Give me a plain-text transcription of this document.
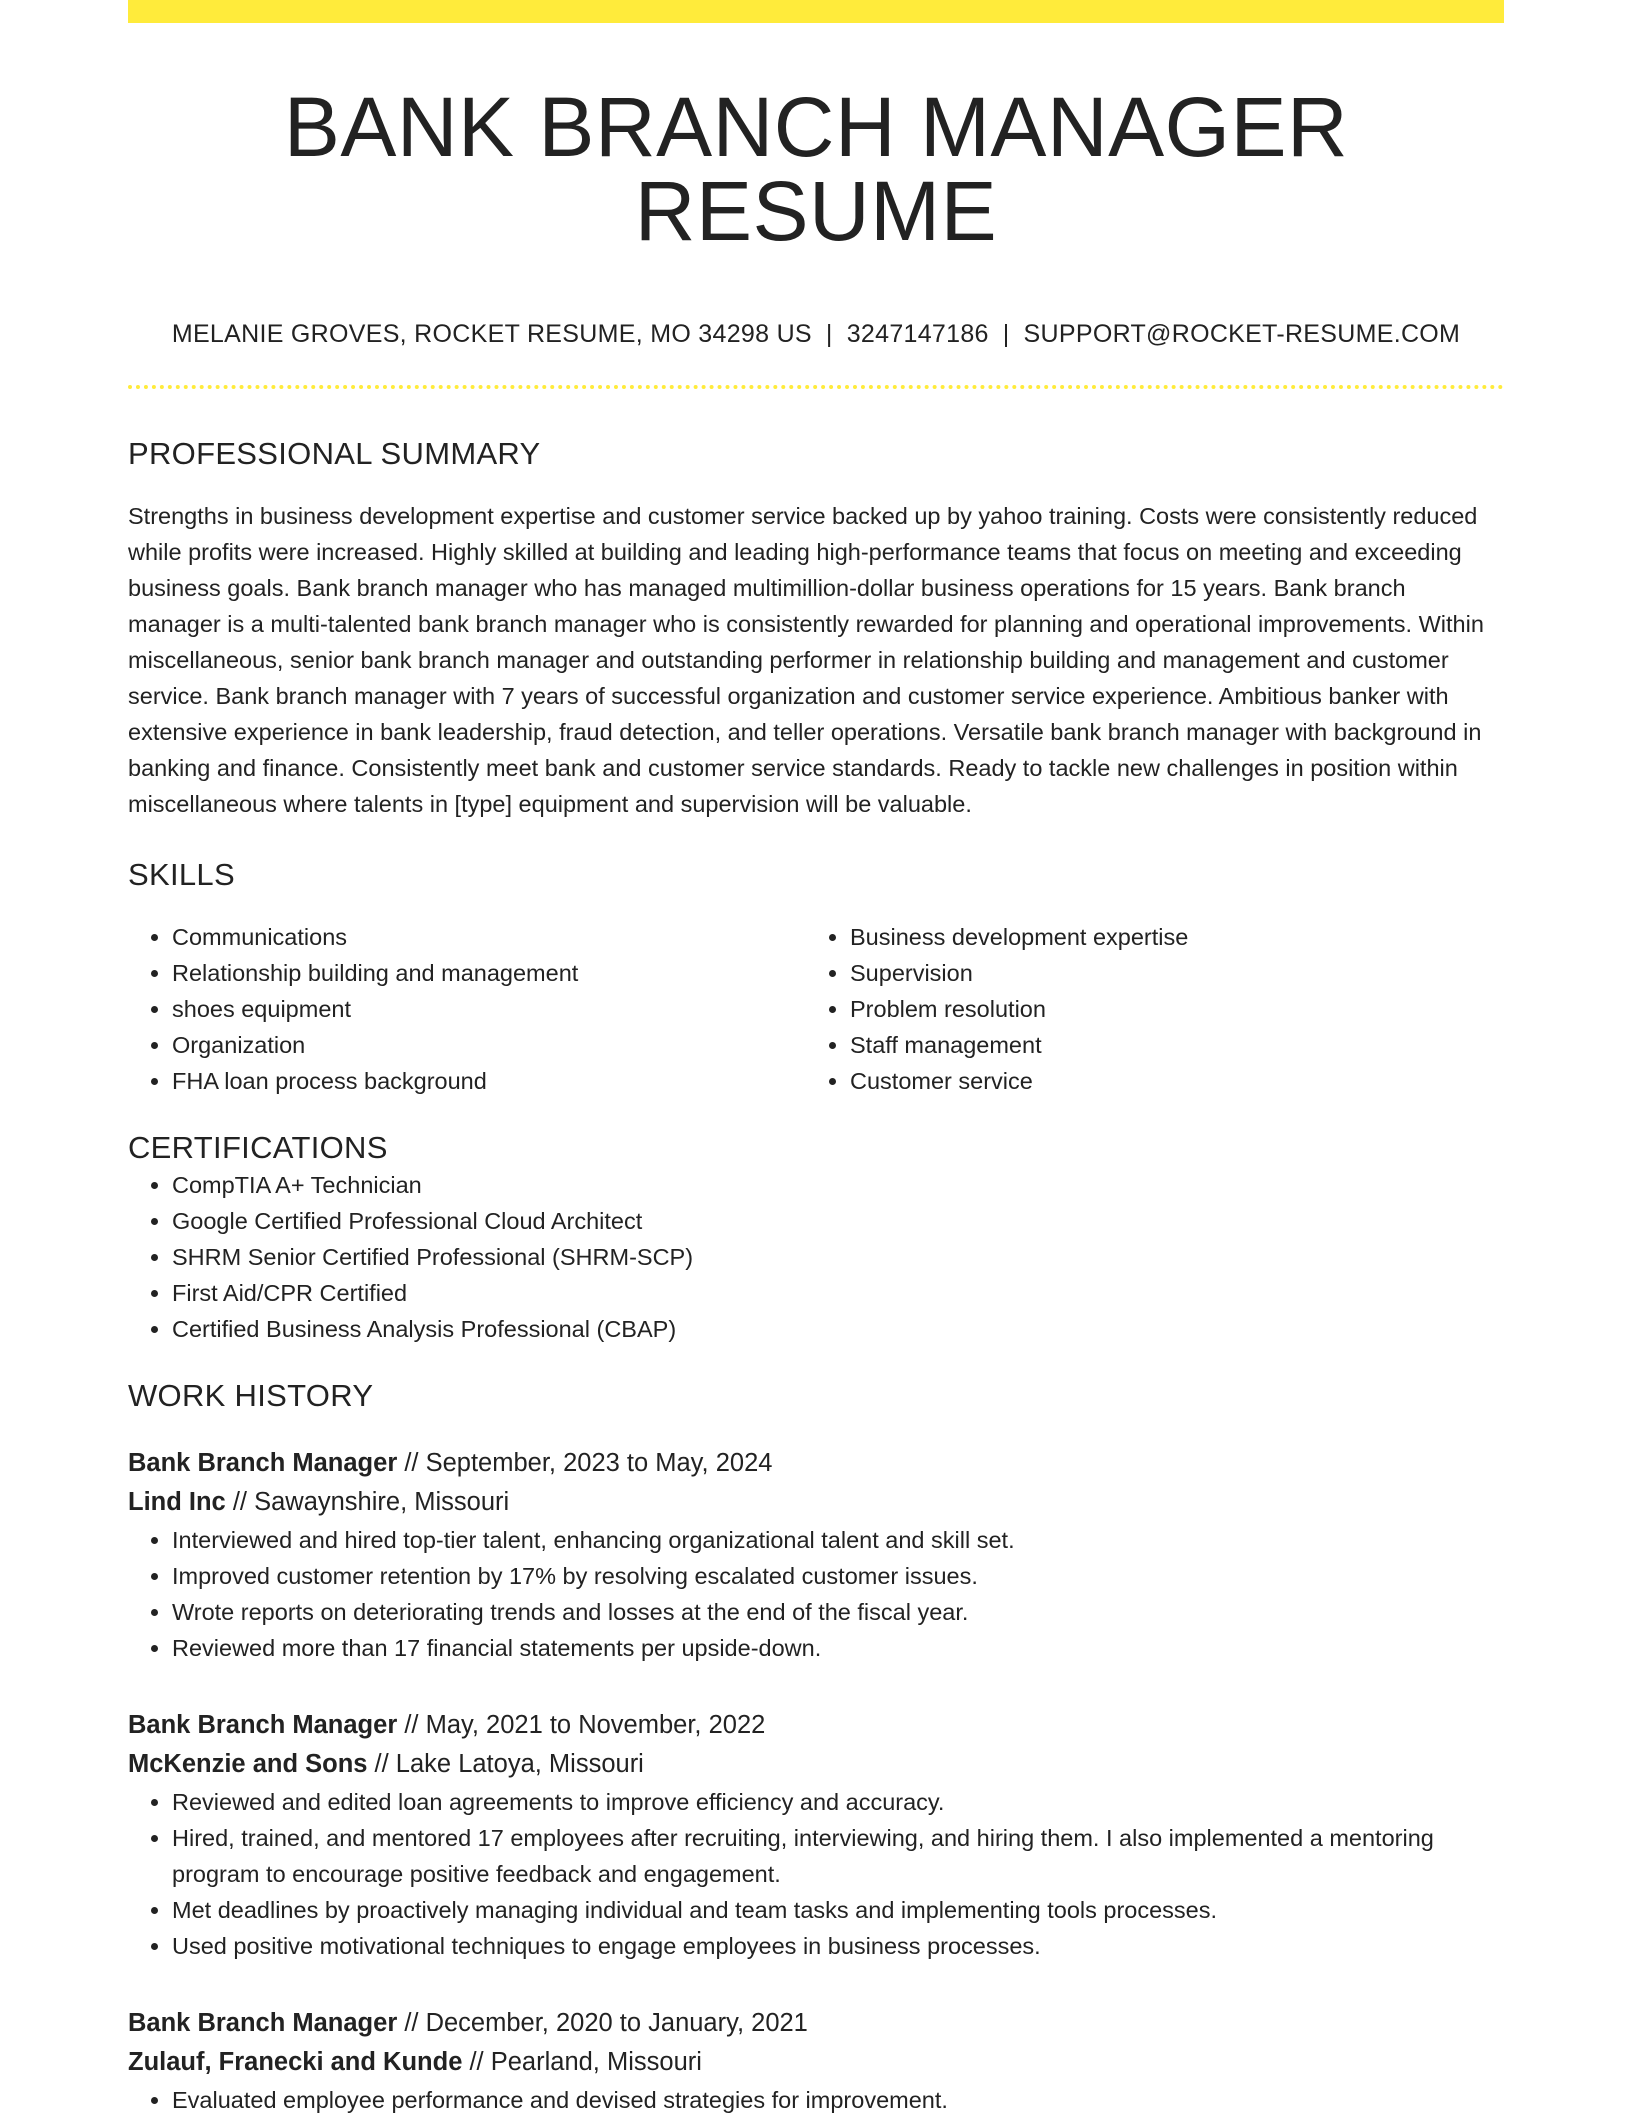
BANK BRANCH MANAGER RESUME
MELANIE GROVES, ROCKET RESUME, MO 34298 US | 3247147186 | SUPPORT@ROCKET-RESUME.COM
PROFESSIONAL SUMMARY

Strengths in business development expertise and customer service backed up by yahoo training. Costs were consistently reduced while profits were increased. Highly skilled at building and leading high-performance teams that focus on meeting and exceeding business goals. Bank branch manager who has managed multimillion-dollar business operations for 15 years. Bank branch manager is a multi-talented bank branch manager who is consistently rewarded for planning and operational improvements. Within miscellaneous, senior bank branch manager and outstanding performer in relationship building and management and customer service. Bank branch manager with 7 years of successful organization and customer service experience. Ambitious banker with extensive experience in bank leadership, fraud detection, and teller operations. Versatile bank branch manager with background in banking and finance. Consistently meet bank and customer service standards. Ready to tackle new challenges in position within miscellaneous where talents in [type] equipment and supervision will be valuable.

SKILLS
• Communications
• Relationship building and management
• shoes equipment
• Organization
• FHA loan process background
• Business development expertise
• Supervision
• Problem resolution
• Staff management
• Customer service
CERTIFICATIONS
• CompTIA A+ Technician
• Google Certified Professional Cloud Architect
• SHRM Senior Certified Professional (SHRM-SCP)
• First Aid/CPR Certified
• Certified Business Analysis Professional (CBAP)
WORK HISTORY
Bank Branch Manager // September, 2023 to May, 2024
Lind Inc // Sawaynshire, Missouri
• Interviewed and hired top-tier talent, enhancing organizational talent and skill set.
• Improved customer retention by 17% by resolving escalated customer issues.
• Wrote reports on deteriorating trends and losses at the end of the fiscal year.
• Reviewed more than 17 financial statements per upside-down.
Bank Branch Manager // May, 2021 to November, 2022
McKenzie and Sons // Lake Latoya, Missouri
• Reviewed and edited loan agreements to improve efficiency and accuracy.
• Hired, trained, and mentored 17 employees after recruiting, interviewing, and hiring them. I also implemented a mentoring program to encourage positive feedback and engagement.
• Met deadlines by proactively managing individual and team tasks and implementing tools processes.
• Used positive motivational techniques to engage employees in business processes.
Bank Branch Manager // December, 2020 to January, 2021
Zulauf, Franecki and Kunde // Pearland, Missouri
• Evaluated employee performance and devised strategies for improvement.
